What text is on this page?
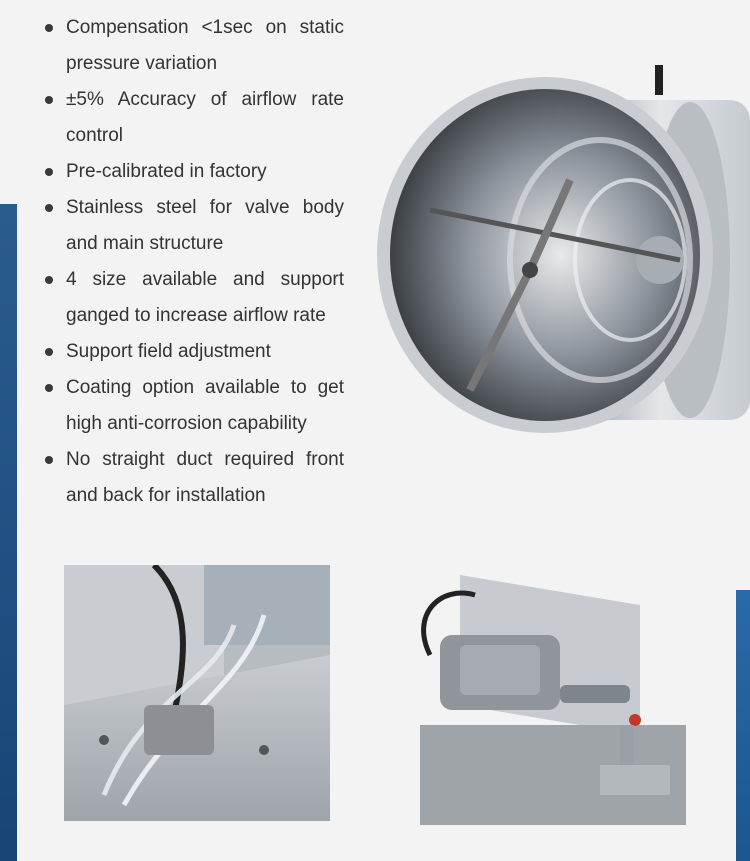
Compensation <1sec on static pressure variation
±5% Accuracy of airflow rate control
Pre-calibrated in factory
Stainless steel for valve body and main structure
4 size available and support ganged to increase airflow rate
Support field adjustment
Coating option available to get high anti-corrosion capability
No straight duct required front and back for installation
